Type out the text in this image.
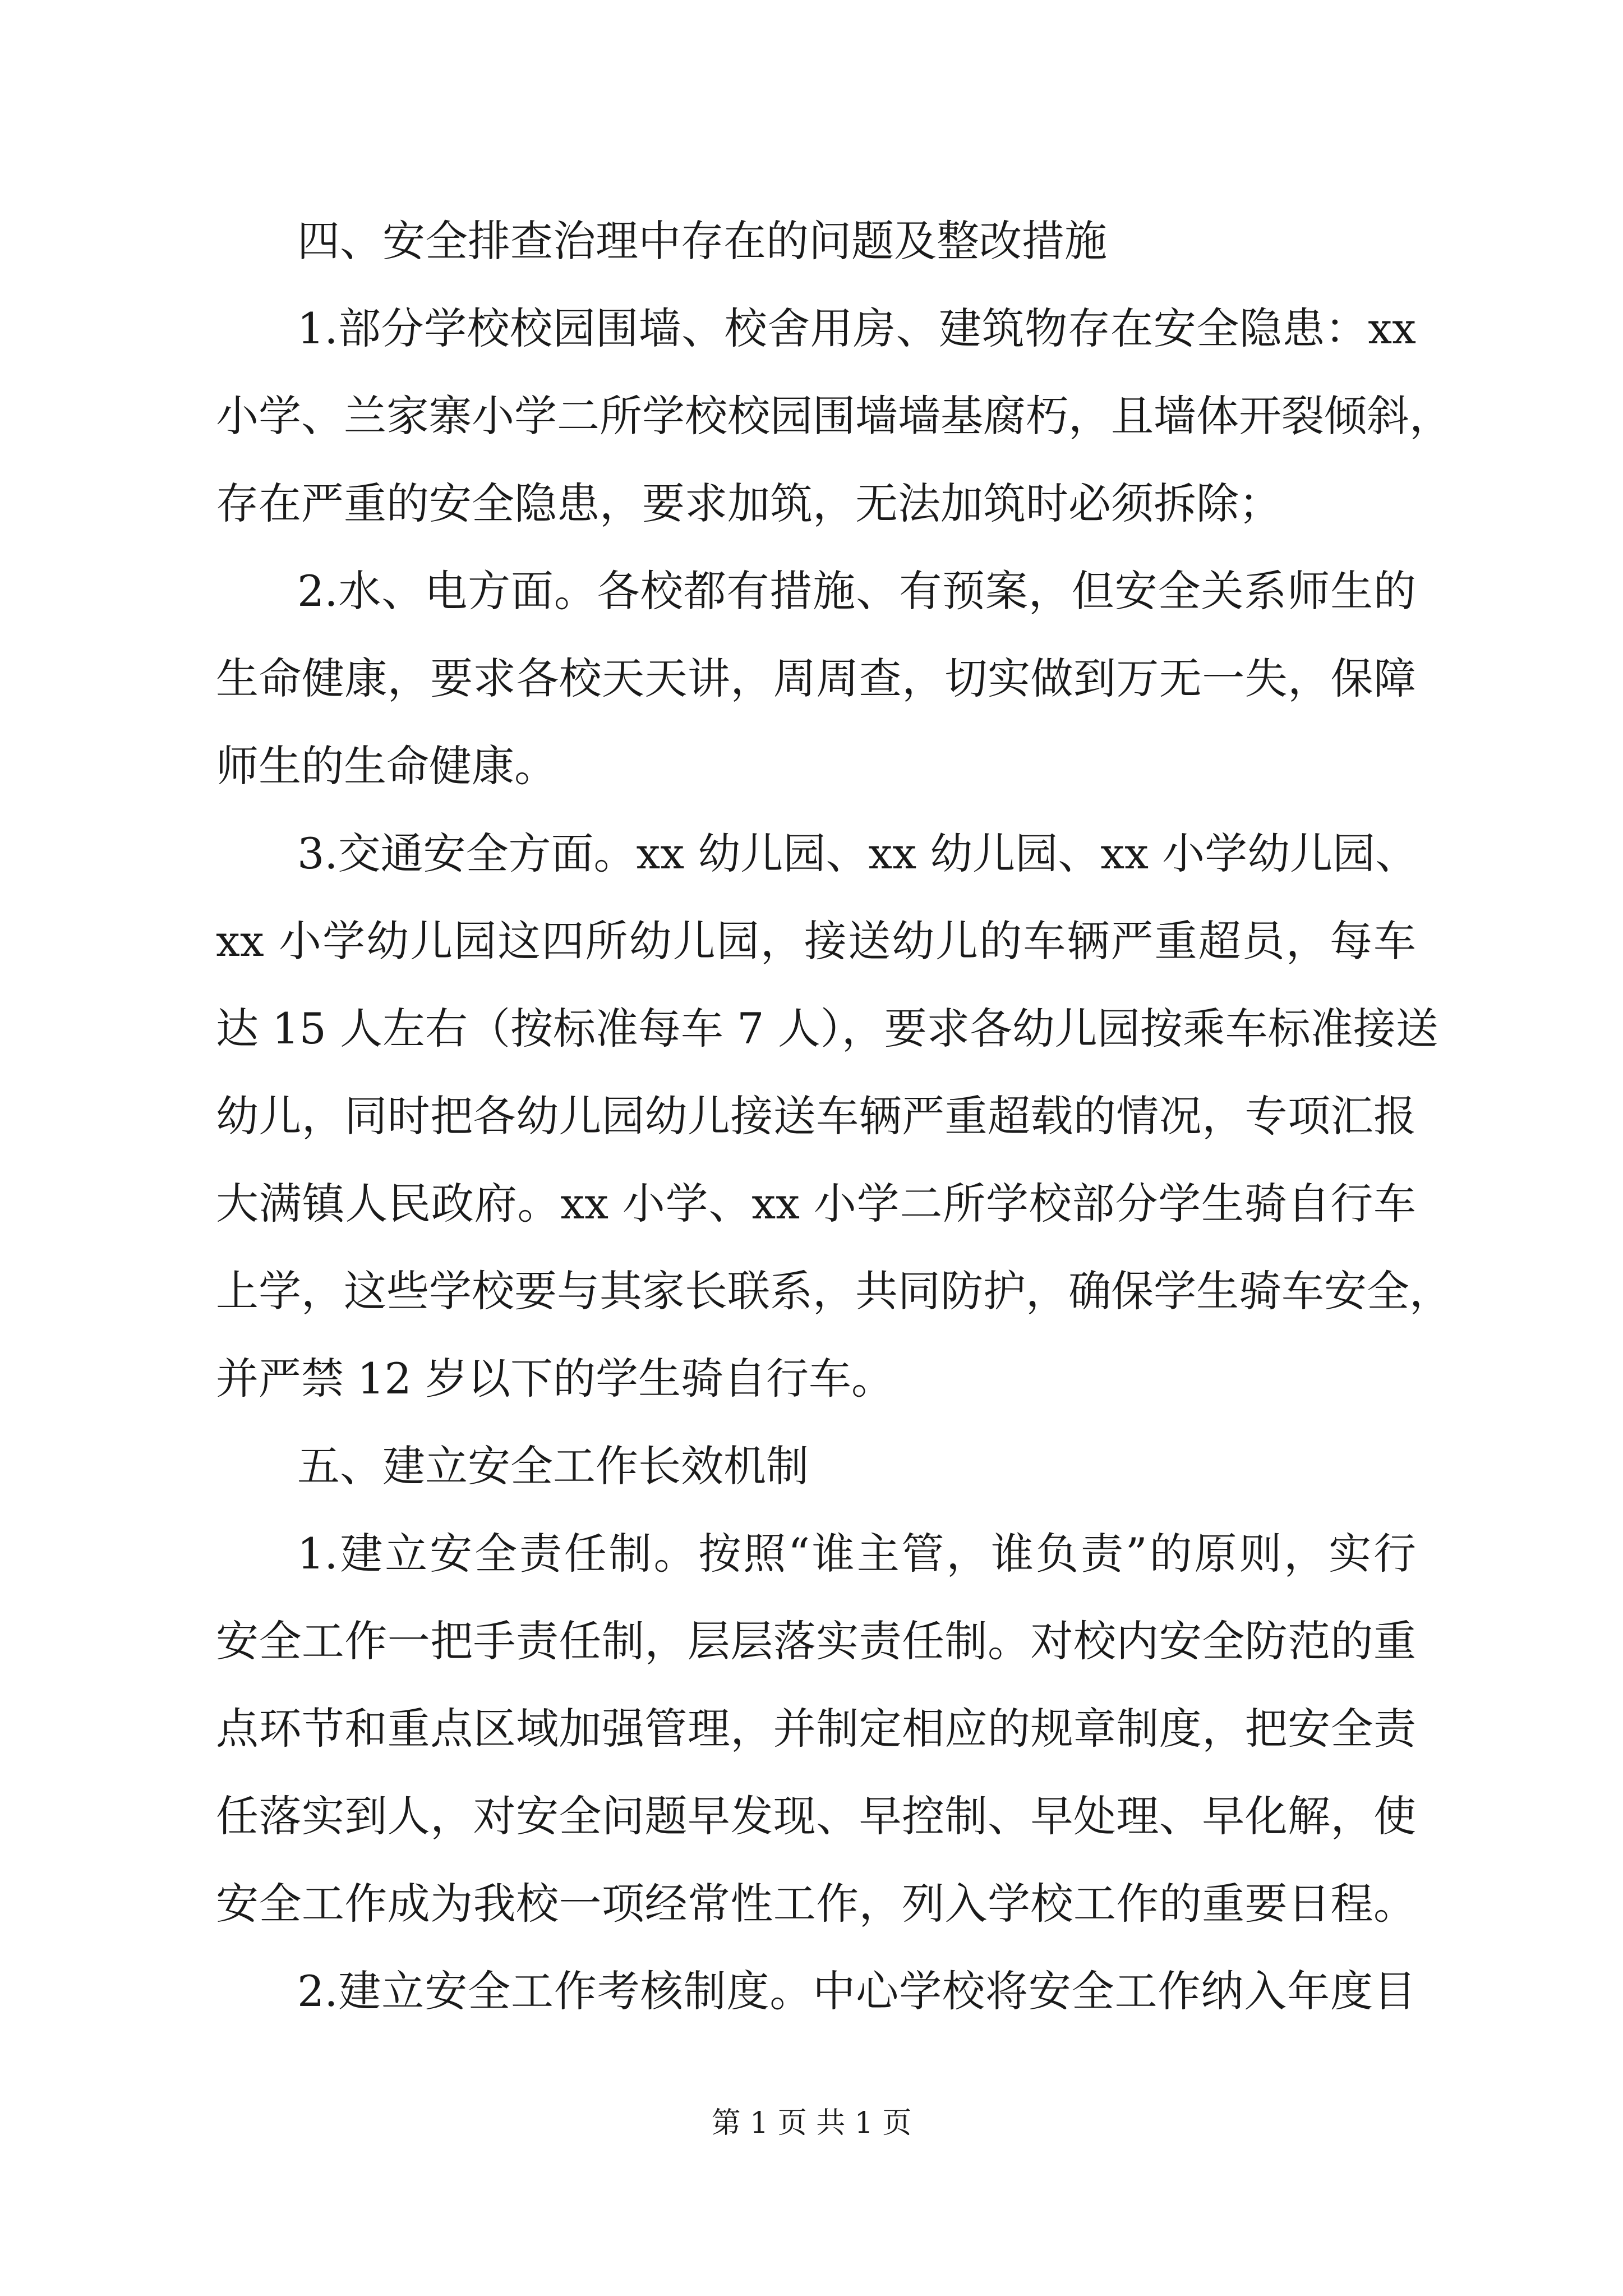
四、安全排查治理中存在的问题及整改措施
1.部分学校校园围墙、校舍用房、建筑物存在安全隐患：xx
小学、兰家寨小学二所学校校园围墙墙基腐朽，且墙体开裂倾斜，
存在严重的安全隐患，要求加筑，无法加筑时必须拆除；
2.水、电方面。各校都有措施、有预案，但安全关系师生的
生命健康，要求各校天天讲，周周查，切实做到万无一失，保障
师生的生命健康。
3.交通安全方面。xx 幼儿园、xx 幼儿园、xx 小学幼儿园、
xx 小学幼儿园这四所幼儿园，接送幼儿的车辆严重超员，每车
达 15 人左右（按标准每车 7 人），要求各幼儿园按乘车标准接送
幼儿，同时把各幼儿园幼儿接送车辆严重超载的情况，专项汇报
大满镇人民政府。xx 小学、xx 小学二所学校部分学生骑自行车
上学，这些学校要与其家长联系，共同防护，确保学生骑车安全，
并严禁 12 岁以下的学生骑自行车。
五、建立安全工作长效机制
1.建立安全责任制。按照“谁主管，谁负责”的原则，实行
安全工作一把手责任制，层层落实责任制。对校内安全防范的重
点环节和重点区域加强管理，并制定相应的规章制度，把安全责
任落实到人，对安全问题早发现、早控制、早处理、早化解，使
安全工作成为我校一项经常性工作，列入学校工作的重要日程。
2.建立安全工作考核制度。中心学校将安全工作纳入年度目
第 1 页 共 1 页
